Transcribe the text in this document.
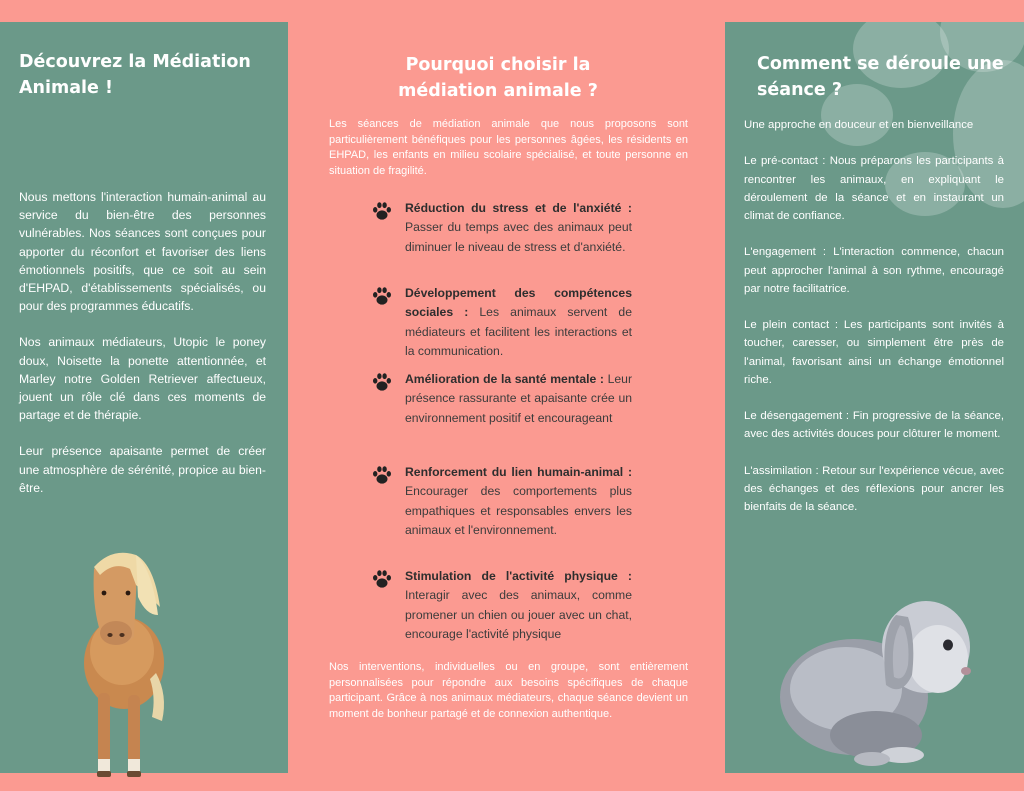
Découvrez la Médiation
Animale !

Nous mettons l'interaction humain-animal au service du bien-être des personnes vulnérables. Nos séances sont conçues pour apporter du réconfort et favoriser des liens émotionnels positifs, que ce soit au sein d'EHPAD, d'établissements spécialisés, ou pour des programmes éducatifs.

Nos animaux médiateurs, Utopic le poney doux, Noisette la ponette attentionnée, et Marley notre Golden Retriever affectueux, jouent un rôle clé dans ces moments de partage et de thérapie.

Leur présence apaisante permet de créer une atmosphère de sérénité, propice au bien-être.

Pourquoi choisir la
médiation animale ?

Les séances de médiation animale que nous proposons sont particulièrement bénéfiques pour les personnes âgées, les résidents en EHPAD, les enfants en milieu scolaire spécialisé, et toute personne en situation de fragilité.

Réduction du stress et de l'anxiété : Passer du temps avec des animaux peut diminuer le niveau de stress et d'anxiété.

Développement des compétences sociales : Les animaux servent de médiateurs et facilitent les interactions et la communication.

Amélioration de la santé mentale : Leur présence rassurante et apaisante crée un environnement positif et encourageant

Renforcement du lien humain-animal : Encourager des comportements plus empathiques et responsables envers les animaux et l'environnement.

Stimulation de l'activité physique : Interagir avec des animaux, comme promener un chien ou jouer avec un chat, encourage l'activité physique

Nos interventions, individuelles ou en groupe, sont entièrement personnalisées pour répondre aux besoins spécifiques de chaque participant. Grâce à nos animaux médiateurs, chaque séance devient un moment de bonheur partagé et de connexion authentique.

Comment se déroule une
séance ?

Une approche en douceur et en bienveillance

Le pré-contact : Nous préparons les participants à rencontrer les animaux, en expliquant le déroulement de la séance et en instaurant un climat de confiance.

L'engagement : L'interaction commence, chacun peut approcher l'animal à son rythme, encouragé par notre facilitatrice.

Le plein contact : Les participants sont invités à toucher, caresser, ou simplement être près de l'animal, favorisant ainsi un échange émotionnel riche.

Le désengagement : Fin progressive de la séance, avec des activités douces pour clôturer le moment.

L'assimilation : Retour sur l'expérience vécue, avec des échanges et des réflexions pour ancrer les bienfaits de la séance.
